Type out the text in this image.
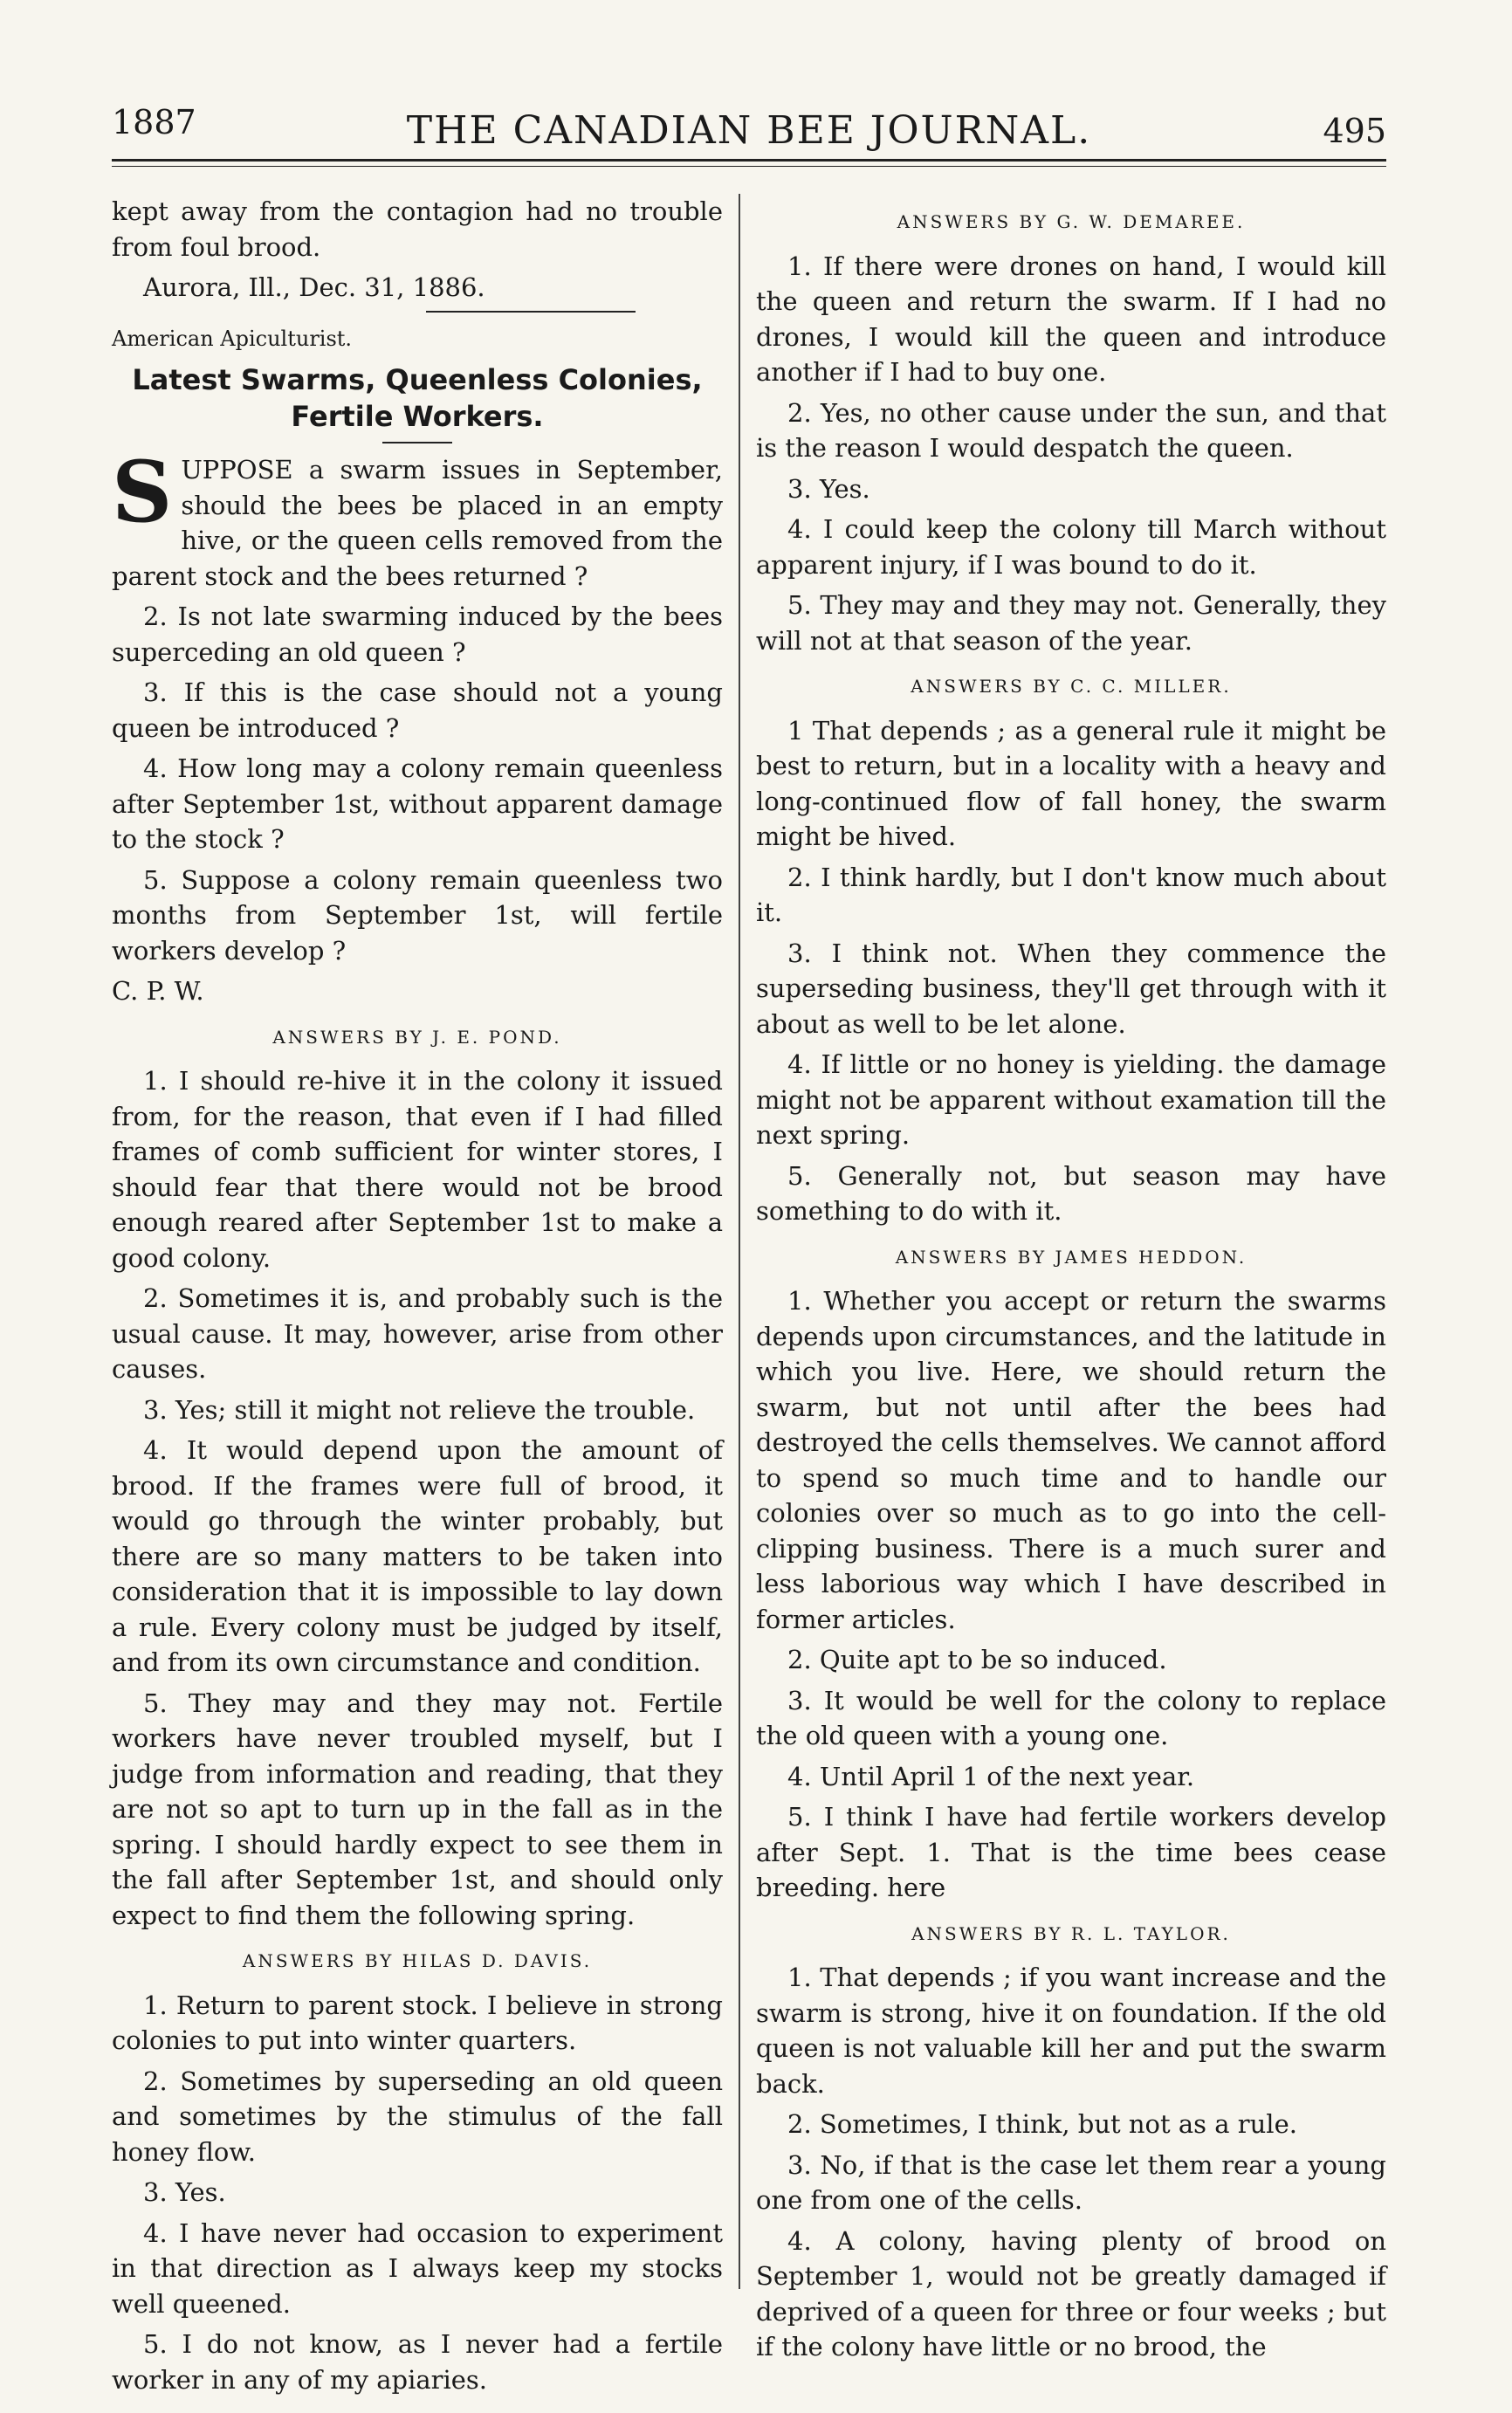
1887	THE CANADIAN BEE JOURNAL.	495

kept away from the contagion had no trouble from foul brood.

Aurora, Ill., Dec. 31, 1886.

American Apiculturist.

Latest Swarms, Queenless Colonies,
Fertile Workers.
S UPPOSE a swarm issues in September, should the bees be placed in an empty hive, or the queen cells removed from the parent stock and the bees returned ?

2. Is not late swarming induced by the bees superceding an old queen ?

3. If this is the case should not a young queen be introduced ?

4. How long may a colony remain queenless after September 1st, without apparent damage to the stock ?

5. Suppose a colony remain queenless two months from September 1st, will fertile workers develop ?

C. P. W.

ANSWERS BY J. E. POND.

1. I should re-hive it in the colony it issued from, for the reason, that even if I had filled frames of comb sufficient for winter stores, I should fear that there would not be brood enough reared after September 1st to make a good colony.

2. Sometimes it is, and probably such is the usual cause. It may, however, arise from other causes.

3. Yes; still it might not relieve the trouble.

4. It would depend upon the amount of brood. If the frames were full of brood, it would go through the winter probably, but there are so many matters to be taken into consideration that it is impossible to lay down a rule. Every colony must be judged by itself, and from its own circumstance and condition.

5. They may and they may not. Fertile workers have never troubled myself, but I judge from information and reading, that they are not so apt to turn up in the fall as in the spring. I should hardly expect to see them in the fall after September 1st, and should only expect to find them the following spring.

ANSWERS BY HILAS D. DAVIS.

1. Return to parent stock. I believe in strong colonies to put into winter quarters.

2. Sometimes by superseding an old queen and sometimes by the stimulus of the fall honey flow.

3. Yes.

4. I have never had occasion to experiment in that direction as I always keep my stocks well queened.

5. I do not know, as I never had a fertile worker in any of my apiaries.

ANSWERS BY G. W. DEMAREE.

1. If there were drones on hand, I would kill the queen and return the swarm. If I had no drones, I would kill the queen and introduce another if I had to buy one.

2. Yes, no other cause under the sun, and that is the reason I would despatch the queen.

3. Yes.

4. I could keep the colony till March without apparent injury, if I was bound to do it.

5. They may and they may not. Generally, they will not at that season of the year.

ANSWERS BY C. C. MILLER.

1 That depends ; as a general rule it might be best to return, but in a locality with a heavy and long-continued flow of fall honey, the swarm might be hived.

2. I think hardly, but I don't know much about it.

3. I think not. When they commence the superseding business, they'll get through with it about as well to be let alone.

4. If little or no honey is yielding. the damage might not be apparent without examation till the next spring.

5. Generally not, but season may have something to do with it.

ANSWERS BY JAMES HEDDON.

1. Whether you accept or return the swarms depends upon circumstances, and the latitude in which you live. Here, we should return the swarm, but not until after the bees had destroyed the cells themselves. We cannot afford to spend so much time and to handle our colonies over so much as to go into the cell-clipping business. There is a much surer and less laborious way which I have described in former articles.

2. Quite apt to be so induced.

3. It would be well for the colony to replace the old queen with a young one.

4. Until April 1 of the next year.

5. I think I have had fertile workers develop after Sept. 1. That is the time bees cease breeding. here

ANSWERS BY R. L. TAYLOR.

1. That depends ; if you want increase and the swarm is strong, hive it on foundation. If the old queen is not valuable kill her and put the swarm back.

2. Sometimes, I think, but not as a rule.

3. No, if that is the case let them rear a young one from one of the cells.

4. A colony, having plenty of brood on September 1, would not be greatly damaged if deprived of a queen for three or four weeks ; but if the colony have little or no brood, the
